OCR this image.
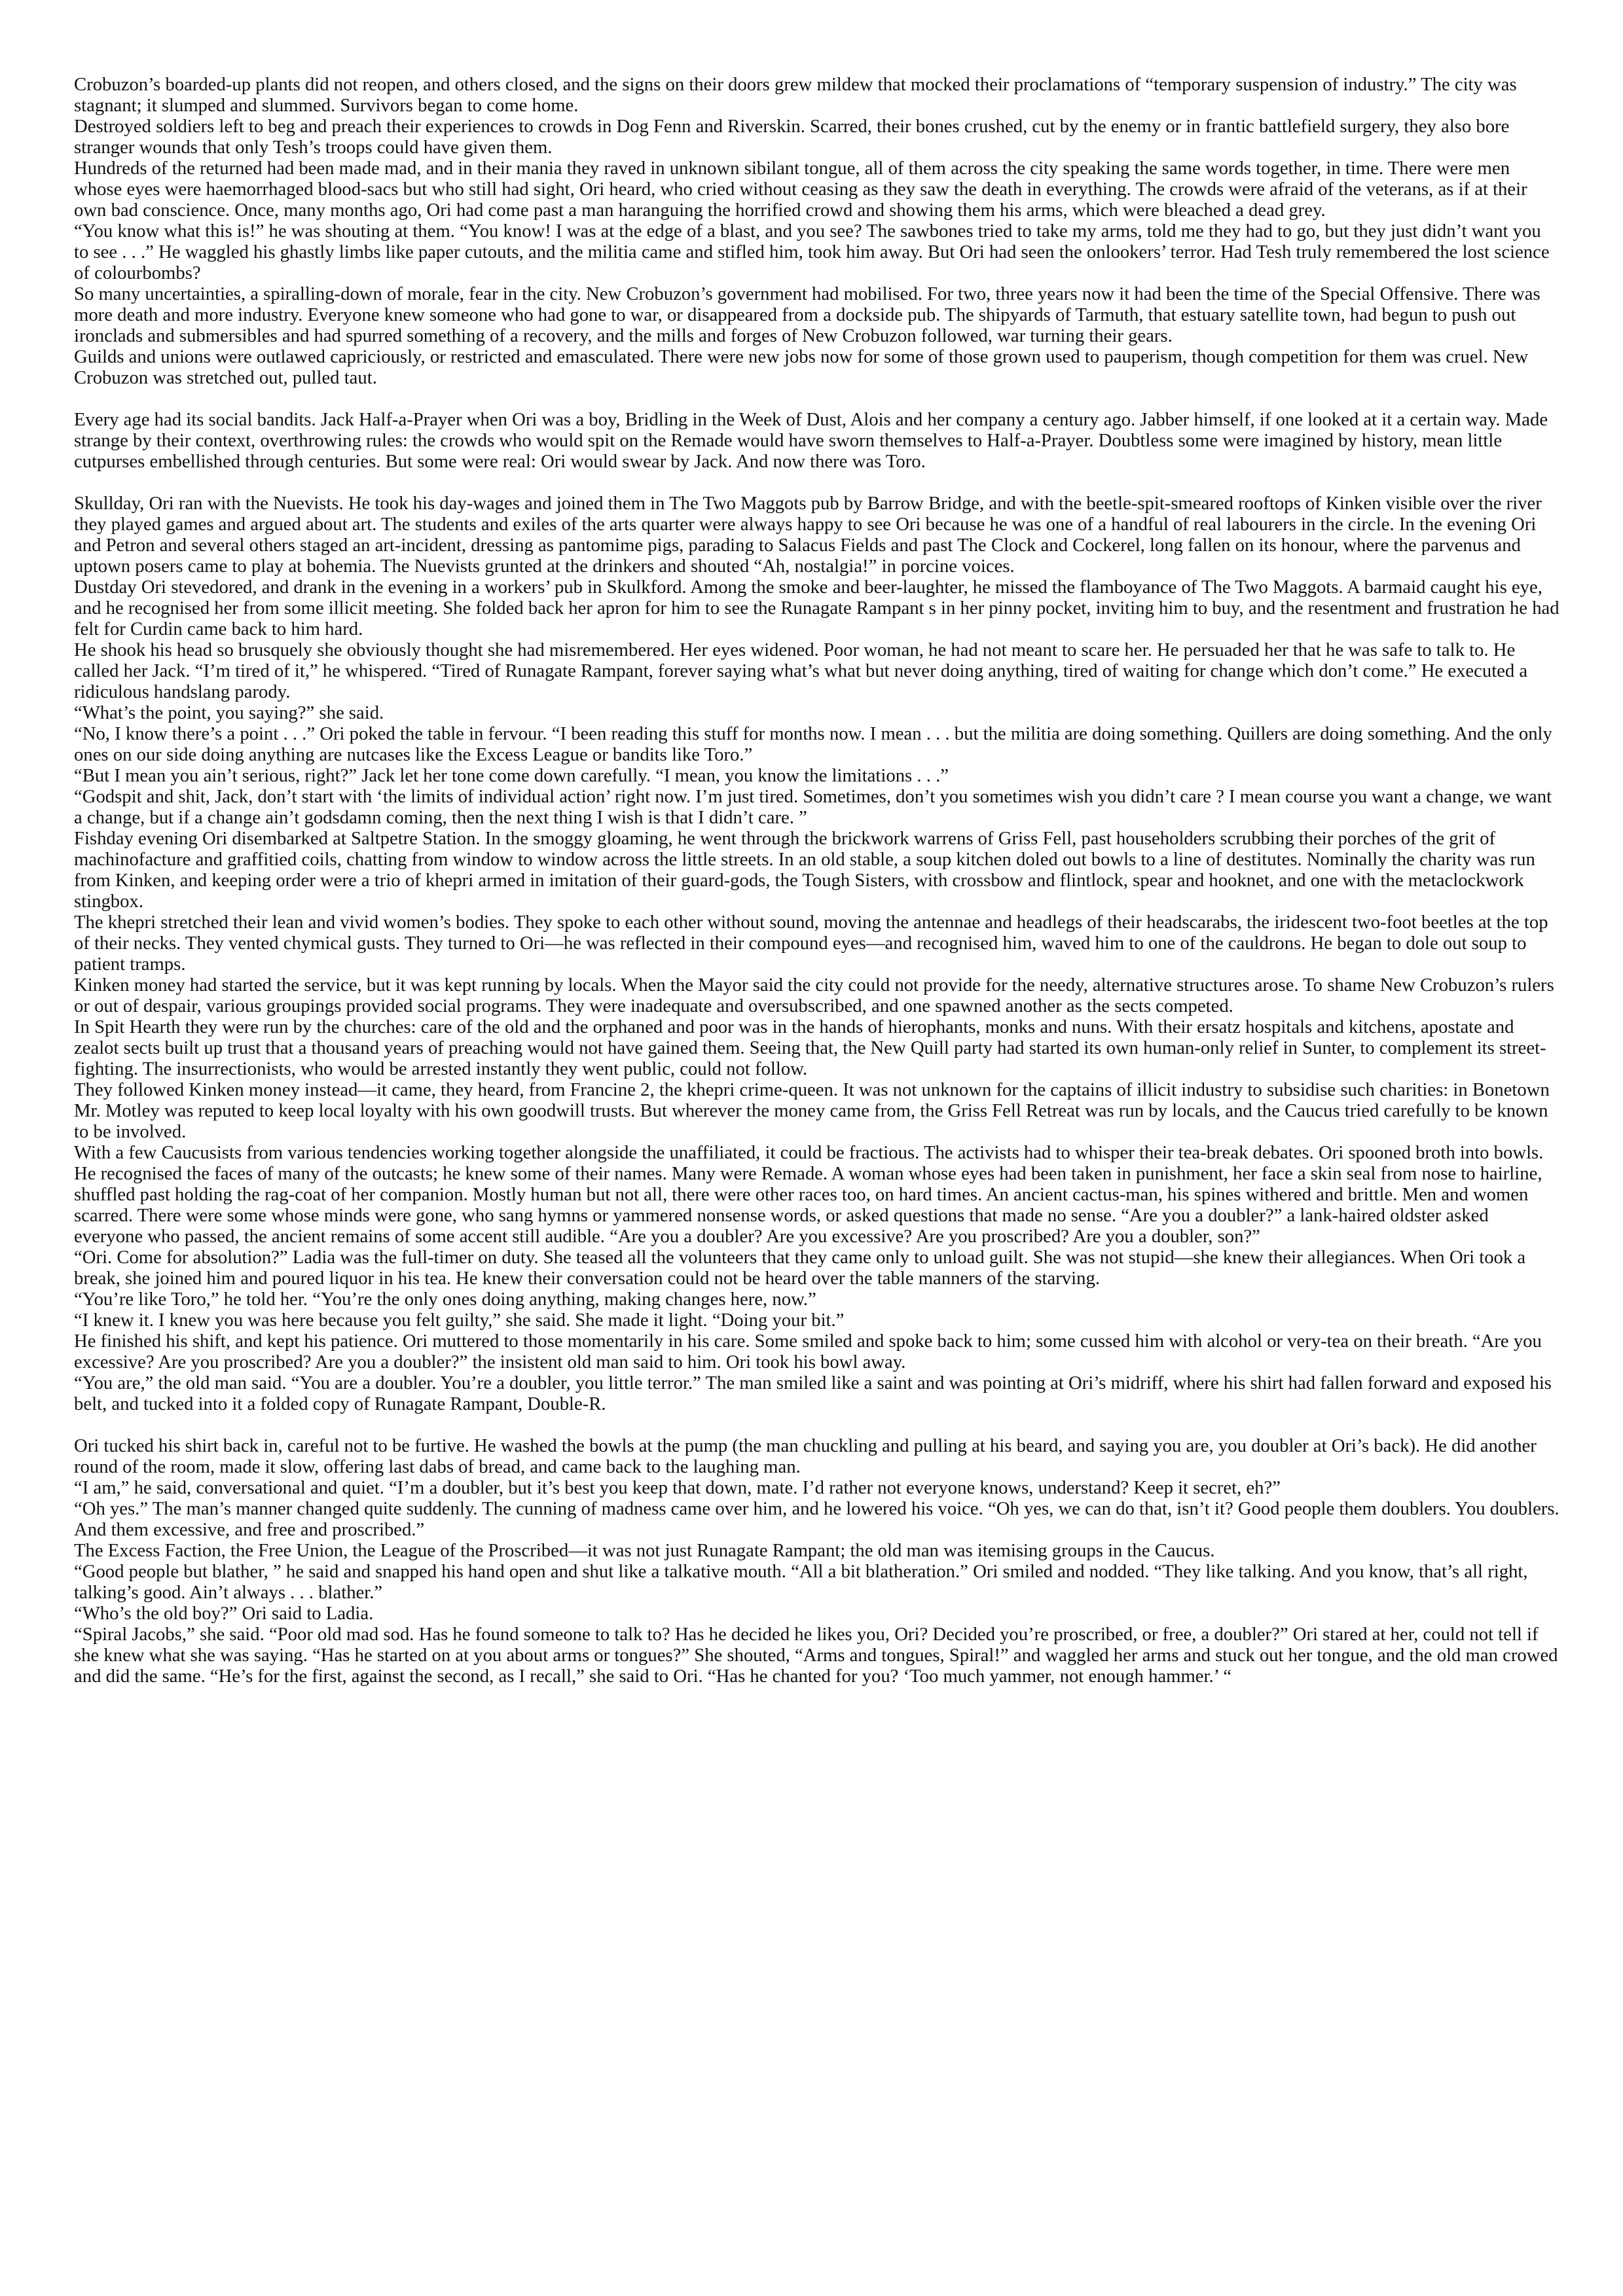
Crobuzon’s boarded-up plants did not reopen, and others closed, and the signs on their doors grew mildew that mocked their proclamations of “temporary suspension of industry.” The city was stagnant; it slumped and slummed. Survivors began to come home.

Destroyed soldiers left to beg and preach their experiences to crowds in Dog Fenn and Riverskin. Scarred, their bones crushed, cut by the enemy or in frantic battlefield surgery, they also bore stranger wounds that only Tesh’s troops could have given them.

Hundreds of the returned had been made mad, and in their mania they raved in unknown sibilant tongue, all of them across the city speaking the same words together, in time. There were men whose eyes were haemorrhaged blood-sacs but who still had sight, Ori heard, who cried without ceasing as they saw the death in everything. The crowds were afraid of the veterans, as if at their own bad conscience. Once, many months ago, Ori had come past a man haranguing the horrified crowd and showing them his arms, which were bleached a dead grey.

“You know what this is!” he was shouting at them. “You know! I was at the edge of a blast, and you see? The sawbones tried to take my arms, told me they had to go, but they just didn’t want you to see . . .” He waggled his ghastly limbs like paper cutouts, and the militia came and stifled him, took him away. But Ori had seen the onlookers’ terror. Had Tesh truly remembered the lost science of colourbombs?

So many uncertainties, a spiralling-down of morale, fear in the city. New Crobuzon’s government had mobilised. For two, three years now it had been the time of the Special Offensive. There was more death and more industry. Everyone knew someone who had gone to war, or disappeared from a dockside pub. The shipyards of Tarmuth, that estuary satellite town, had begun to push out ironclads and submersibles and had spurred something of a recovery, and the mills and forges of New Crobuzon followed, war turning their gears.

Guilds and unions were outlawed capriciously, or restricted and emasculated. There were new jobs now for some of those grown used to pauperism, though competition for them was cruel. New Crobuzon was stretched out, pulled taut.

Every age had its social bandits. Jack Half-a-Prayer when Ori was a boy, Bridling in the Week of Dust, Alois and her company a century ago. Jabber himself, if one looked at it a certain way. Made strange by their context, overthrowing rules: the crowds who would spit on the Remade would have sworn themselves to Half-a-Prayer. Doubtless some were imagined by history, mean little cutpurses embellished through centuries. But some were real: Ori would swear by Jack. And now there was Toro.

Skullday, Ori ran with the Nuevists. He took his day-wages and joined them in The Two Maggots pub by Barrow Bridge, and with the beetle-spit-smeared rooftops of Kinken visible over the river they played games and argued about art. The students and exiles of the arts quarter were always happy to see Ori because he was one of a handful of real labourers in the circle. In the evening Ori and Petron and several others staged an art-incident, dressing as pantomime pigs, parading to Salacus Fields and past The Clock and Cockerel, long fallen on its honour, where the parvenus and uptown posers came to play at bohemia. The Nuevists grunted at the drinkers and shouted “Ah, nostalgia!” in porcine voices.

Dustday Ori stevedored, and drank in the evening in a workers’ pub in Skulkford. Among the smoke and beer-laughter, he missed the flamboyance of The Two Maggots. A barmaid caught his eye, and he recognised her from some illicit meeting. She folded back her apron for him to see the Runagate Rampant s in her pinny pocket, inviting him to buy, and the resentment and frustration he had felt for Curdin came back to him hard.

He shook his head so brusquely she obviously thought she had misremembered. Her eyes widened. Poor woman, he had not meant to scare her. He persuaded her that he was safe to talk to. He called her Jack. “I’m tired of it,” he whispered. “Tired of Runagate Rampant, forever saying what’s what but never doing anything, tired of waiting for change which don’t come.” He executed a ridiculous handslang parody.

“What’s the point, you saying?” she said.

“No, I know there’s a point . . .” Ori poked the table in fervour. “I been reading this stuff for months now. I mean . . . but the militia are doing something. Quillers are doing something. And the only ones on our side doing anything are nutcases like the Excess League or bandits like Toro.”

“But I mean you ain’t serious, right?” Jack let her tone come down carefully. “I mean, you know the limitations . . .”

“Godspit and shit, Jack, don’t start with ‘the limits of individual action’ right now. I’m just tired. Sometimes, don’t you sometimes wish you didn’t care ? I mean course you want a change, we want a change, but if a change ain’t godsdamn coming, then the next thing I wish is that I didn’t care. ”

Fishday evening Ori disembarked at Saltpetre Station. In the smoggy gloaming, he went through the brickwork warrens of Griss Fell, past householders scrubbing their porches of the grit of machinofacture and graffitied coils, chatting from window to window across the little streets. In an old stable, a soup kitchen doled out bowls to a line of destitutes. Nominally the charity was run from Kinken, and keeping order were a trio of khepri armed in imitation of their guard-gods, the Tough Sisters, with crossbow and flintlock, spear and hooknet, and one with the metaclockwork stingbox.

The khepri stretched their lean and vivid women’s bodies. They spoke to each other without sound, moving the antennae and headlegs of their headscarabs, the iridescent two-foot beetles at the top of their necks. They vented chymical gusts. They turned to Ori—he was reflected in their compound eyes—and recognised him, waved him to one of the cauldrons. He began to dole out soup to patient tramps.

Kinken money had started the service, but it was kept running by locals. When the Mayor said the city could not provide for the needy, alternative structures arose. To shame New Crobuzon’s rulers or out of despair, various groupings provided social programs. They were inadequate and oversubscribed, and one spawned another as the sects competed.

In Spit Hearth they were run by the churches: care of the old and the orphaned and poor was in the hands of hierophants, monks and nuns. With their ersatz hospitals and kitchens, apostate and zealot sects built up trust that a thousand years of preaching would not have gained them. Seeing that, the New Quill party had started its own human-only relief in Sunter, to complement its street-fighting. The insurrectionists, who would be arrested instantly they went public, could not follow.

They followed Kinken money instead—it came, they heard, from Francine 2, the khepri crime-queen. It was not unknown for the captains of illicit industry to subsidise such charities: in Bonetown Mr. Motley was reputed to keep local loyalty with his own goodwill trusts. But wherever the money came from, the Griss Fell Retreat was run by locals, and the Caucus tried carefully to be known to be involved.

With a few Caucusists from various tendencies working together alongside the unaffiliated, it could be fractious. The activists had to whisper their tea-break debates. Ori spooned broth into bowls. He recognised the faces of many of the outcasts; he knew some of their names. Many were Remade. A woman whose eyes had been taken in punishment, her face a skin seal from nose to hairline, shuffled past holding the rag-coat of her companion. Mostly human but not all, there were other races too, on hard times. An ancient cactus-man, his spines withered and brittle. Men and women scarred. There were some whose minds were gone, who sang hymns or yammered nonsense words, or asked questions that made no sense. “Are you a doubler?” a lank-haired oldster asked everyone who passed, the ancient remains of some accent still audible. “Are you a doubler? Are you excessive? Are you proscribed? Are you a doubler, son?”

“Ori. Come for absolution?” Ladia was the full-timer on duty. She teased all the volunteers that they came only to unload guilt. She was not stupid—she knew their allegiances. When Ori took a break, she joined him and poured liquor in his tea. He knew their conversation could not be heard over the table manners of the starving.

“You’re like Toro,” he told her. “You’re the only ones doing anything, making changes here, now.”

“I knew it. I knew you was here because you felt guilty,” she said. She made it light. “Doing your bit.”

He finished his shift, and kept his patience. Ori muttered to those momentarily in his care. Some smiled and spoke back to him; some cussed him with alcohol or very-tea on their breath. “Are you excessive? Are you proscribed? Are you a doubler?” the insistent old man said to him. Ori took his bowl away.

“You are,” the old man said. “You are a doubler. You’re a doubler, you little terror.” The man smiled like a saint and was pointing at Ori’s midriff, where his shirt had fallen forward and exposed his belt, and tucked into it a folded copy of Runagate Rampant, Double-R.

Ori tucked his shirt back in, careful not to be furtive. He washed the bowls at the pump (the man chuckling and pulling at his beard, and saying you are, you doubler at Ori’s back). He did another round of the room, made it slow, offering last dabs of bread, and came back to the laughing man.

“I am,” he said, conversational and quiet. “I’m a doubler, but it’s best you keep that down, mate. I’d rather not everyone knows, understand? Keep it secret, eh?”

“Oh yes.” The man’s manner changed quite suddenly. The cunning of madness came over him, and he lowered his voice. “Oh yes, we can do that, isn’t it? Good people them doublers. You doublers. And them excessive, and free and proscribed.”

The Excess Faction, the Free Union, the League of the Proscribed—it was not just Runagate Rampant; the old man was itemising groups in the Caucus.

“Good people but blather, ” he said and snapped his hand open and shut like a talkative mouth. “All a bit blatheration.” Ori smiled and nodded. “They like talking. And you know, that’s all right, talking’s good. Ain’t always . . . blather.”

“Who’s the old boy?” Ori said to Ladia.

“Spiral Jacobs,” she said. “Poor old mad sod. Has he found someone to talk to? Has he decided he likes you, Ori? Decided you’re proscribed, or free, a doubler?” Ori stared at her, could not tell if she knew what she was saying. “Has he started on at you about arms or tongues?” She shouted, “Arms and tongues, Spiral!” and waggled her arms and stuck out her tongue, and the old man crowed and did the same. “He’s for the first, against the second, as I recall,” she said to Ori. “Has he chanted for you? ‘Too much yammer, not enough hammer.’ “
